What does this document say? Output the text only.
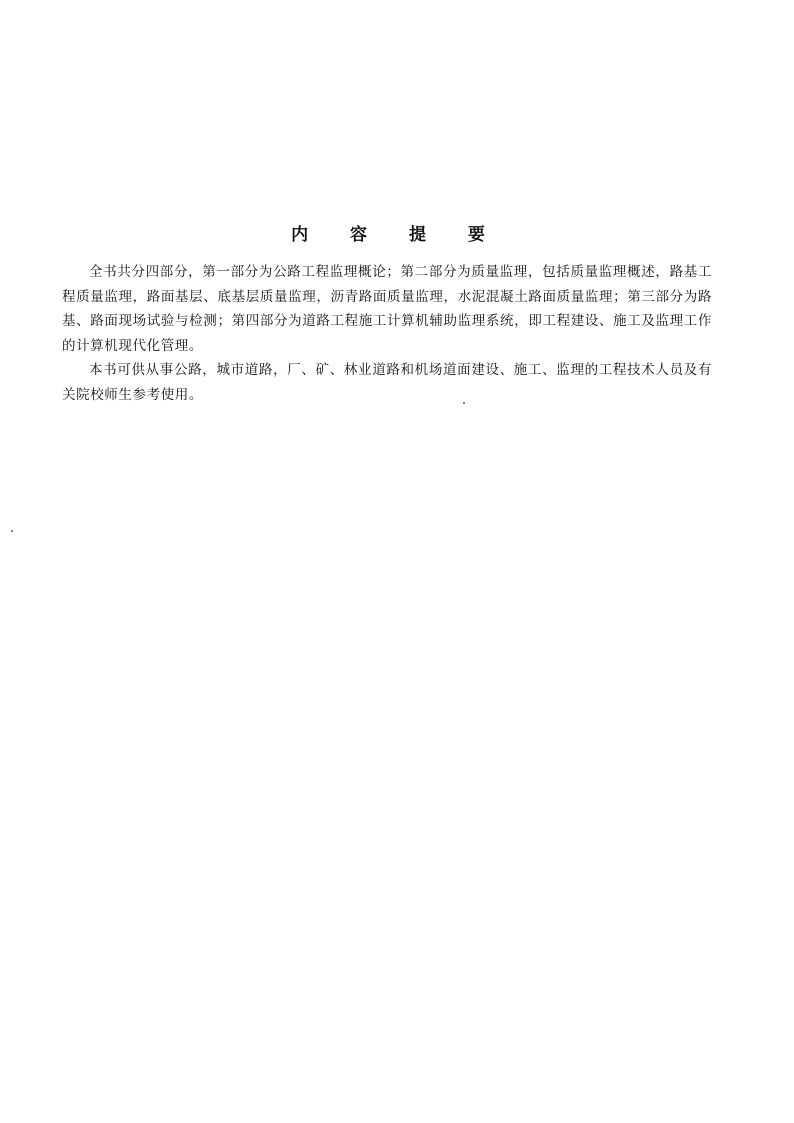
内 容 提 要

全书共分四部分，第一部分为公路工程监理概论；第二部分为质量监理，包括质量监理概述，路基工程质量监理，路面基层、底基层质量监理，沥青路面质量监理，水泥混凝土路面质量监理；第三部分为路基、路面现场试验与检测；第四部分为道路工程施工计算机辅助监理系统，即工程建设、施工及监理工作的计算机现代化管理。

本书可供从事公路，城市道路，厂、矿、林业道路和机场道面建设、施工、监理的工程技术人员及有关院校师生参考使用。
